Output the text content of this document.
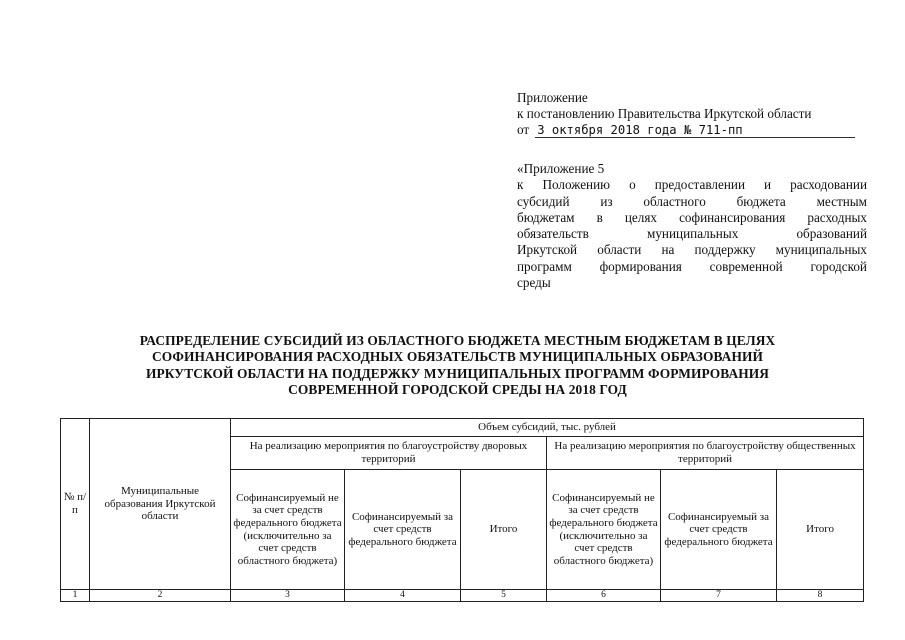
Приложение
к постановлению Правительства Иркутской области
от 3 октября 2018 года № 711-пп
«Приложение 5
к Положению о предоставлении и расходовании
субсидий из областного бюджета местным
бюджетам в целях софинансирования расходных
обязательств муниципальных образований
Иркутской области на поддержку муниципальных
программ формирования современной городской
среды
РАСПРЕДЕЛЕНИЕ СУБСИДИЙ ИЗ ОБЛАСТНОГО БЮДЖЕТА МЕСТНЫМ БЮДЖЕТАМ В ЦЕЛЯХ
СОФИНАНСИРОВАНИЯ РАСХОДНЫХ ОБЯЗАТЕЛЬСТВ МУНИЦИПАЛЬНЫХ ОБРАЗОВАНИЙ
ИРКУТСКОЙ ОБЛАСТИ НА ПОДДЕРЖКУ МУНИЦИПАЛЬНЫХ ПРОГРАММ ФОРМИРОВАНИЯ
СОВРЕМЕННОЙ ГОРОДСКОЙ СРЕДЫ НА 2018 ГОД
№ п/п	Муниципальные образования Иркутской области	Объем субсидий, тыс. рублей					
		На реализацию мероприятия по благоустройству дворовых территорий			На реализацию мероприятия по благоустройству общественных территорий		
		Софинансируемый не за счет средств федерального бюджета (исключительно за счет средств областного бюджета)	Софинансируемый за счет средств федерального бюджета	Итого	Софинансируемый не за счет средств федерального бюджета (исключительно за счет средств областного бюджета)	Софинансируемый за счет средств федерального бюджета	Итого

1	2	3	4	5	6	7	8
